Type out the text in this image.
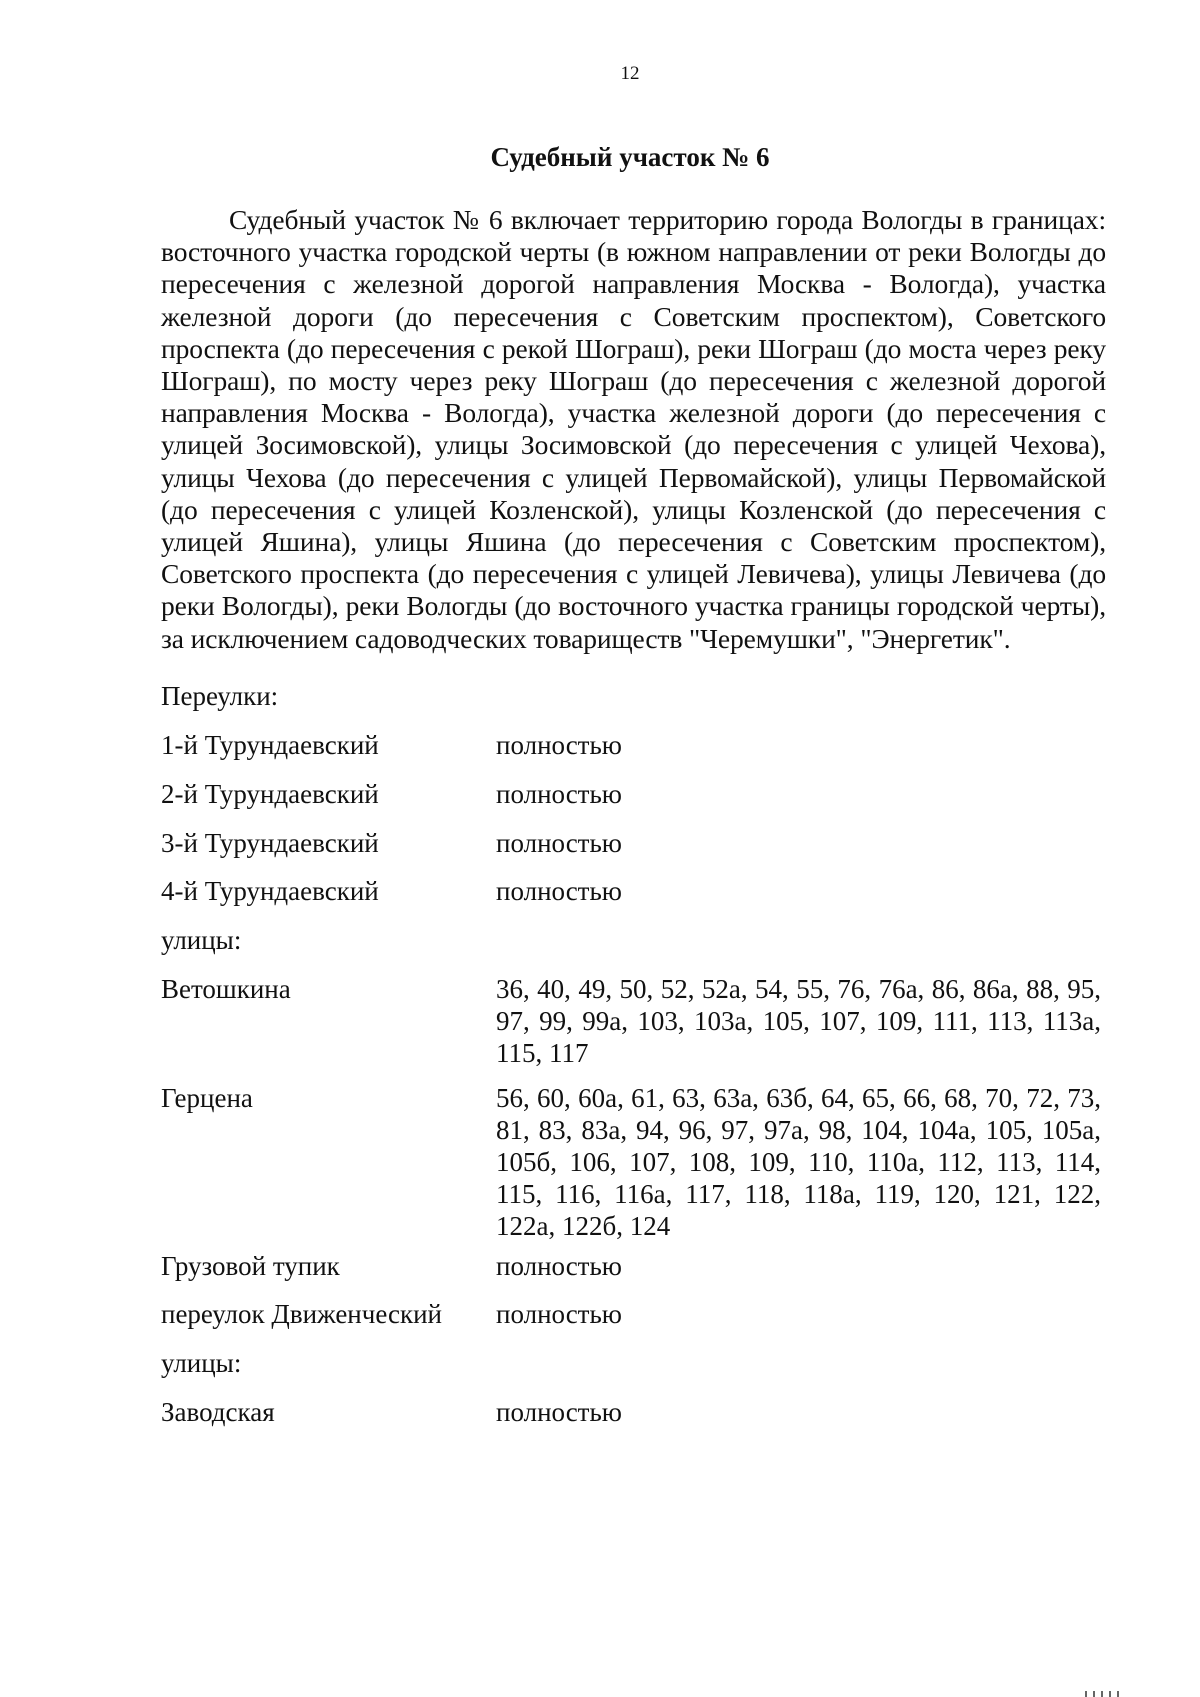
12
Судебный участок № 6

Судебный участок № 6 включает территорию города Вологды в границах: восточного участка городской черты (в южном направлении от реки Вологды до пересечения с железной дорогой направления Москва - Вологда), участка железной дороги (до пересечения с Советским проспектом), Советского проспекта (до пересечения с рекой Шограш), реки Шограш (до моста через реку Шограш), по мосту через реку Шограш (до пересечения с железной дорогой направления Москва - Вологда), участка железной дороги (до пересечения с улицей Зосимовской), улицы Зосимовской (до пересечения с улицей Чехова), улицы Чехова (до пересечения с улицей Первомайской), улицы Первомайской (до пересечения с улицей Козленской), улицы Козленской (до пересечения с улицей Яшина), улицы Яшина (до пересечения с Советским проспектом), Советского проспекта (до пересечения с улицей Левичева), улицы Левичева (до реки Вологды), реки Вологды (до восточного участка границы городской черты), за исключением садоводческих товариществ "Черемушки", "Энергетик".

Переулки:
1-й Турундаевский	полностью
2-й Турундаевский	полностью
3-й Турундаевский	полностью
4-й Турундаевский	полностью
улицы:
Ветошкина	36, 40, 49, 50, 52, 52а, 54, 55, 76, 76а, 86, 86а, 88, 95, 97, 99, 99а, 103, 103а, 105, 107, 109, 111, 113, 113а, 115, 117
Герцена	56, 60, 60а, 61, 63, 63а, 63б, 64, 65, 66, 68, 70, 72, 73, 81, 83, 83а, 94, 96, 97, 97а, 98, 104, 104а, 105, 105а, 105б, 106, 107, 108, 109, 110, 110а, 112, 113, 114, 115, 116, 116а, 117, 118, 118а, 119, 120, 121, 122, 122а, 122б, 124
Грузовой тупик	полностью
переулок Движенческий полностью
улицы:
Заводская	полностью
